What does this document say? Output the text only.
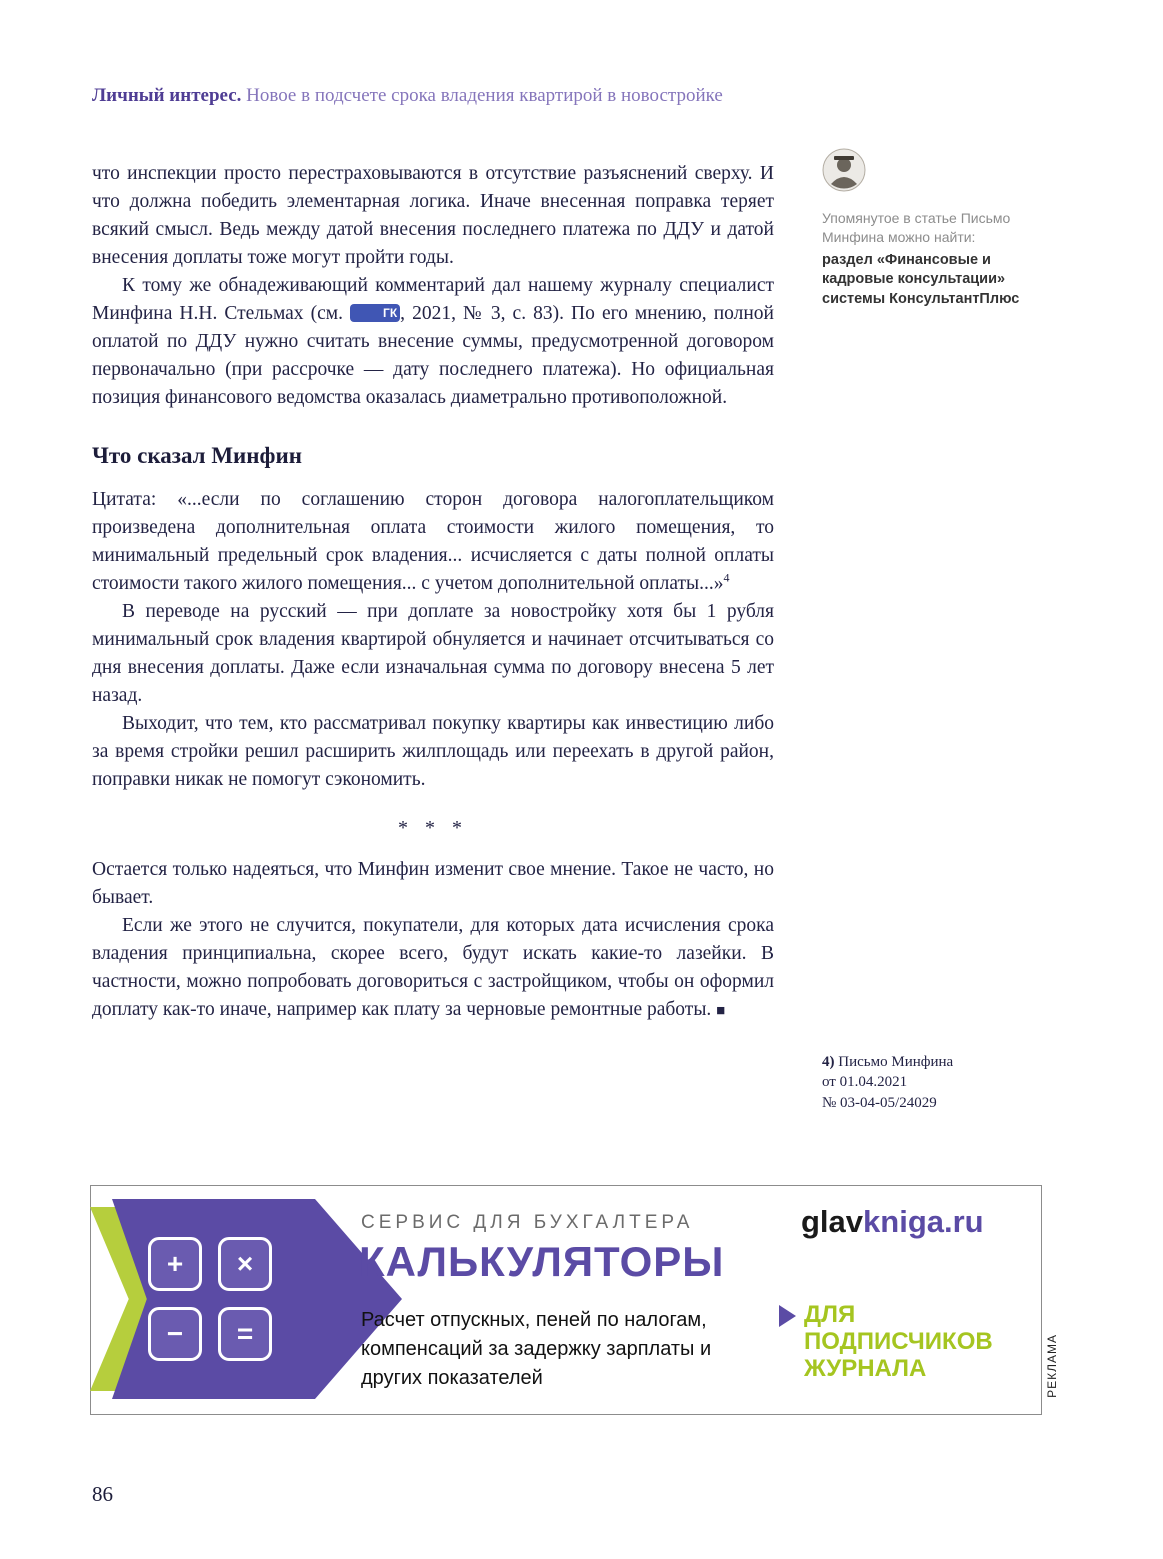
Личный интерес. Новое в подсчете срока владения квартирой в новостройке

что инспекции просто перестраховываются в отсутствие разъяснений сверху. И что должна победить элементарная логика. Иначе внесенная поправка теряет всякий смысл. Ведь между датой внесения последнего платежа по ДДУ и датой внесения доплаты тоже могут пройти годы.

К тому же обнадеживающий комментарий дал нашему журналу специалист Минфина Н.Н. Стельмах (см.	ГК , 2021, № 3, с. 83). По его мнению, полной оплатой по ДДУ нужно считать внесение суммы, предусмотренной договором первоначально (при рассрочке — дату последнего платежа). Но официальная позиция финансового ведомства оказалась диаметрально противоположной.

Что сказал Минфин

Цитата: «...если по соглашению сторон договора налогоплательщиком произведена дополнительная оплата стоимости жилого помещения, то минимальный предельный срок владения... исчисляется с даты полной оплаты стоимости такого жилого помещения... с учетом дополнительной оплаты...»$^4$

В переводе на русский — при доплате за новостройку хотя бы 1 рубля минимальный срок владения квартирой обнуляется и начинает отсчитываться со дня внесения доплаты. Даже если изначальная сумма по договору внесена 5 лет назад.

Выходит, что тем, кто рассматривал покупку квартиры как инвестицию либо за время стройки решил расширить жилплощадь или переехать в другой район, поправки никак не помогут сэкономить.

* * *

Остается только надеяться, что Минфин изменит свое мнение. Такое не часто, но бывает.

Если же этого не случится, покупатели, для которых дата исчисления срока владения принципиальна, скорее всего, будут искать какие-то лазейки. В частности, можно попробовать договориться с застройщиком, чтобы он оформил доплату как-то иначе, например как плату за черновые ремонтные работы. ■

Упомянутое в статье Письмо Минфина можно найти:
раздел «Финансовые и кадровые консультации» системы КонсультантПлюс
4) Письмо Минфина
от 01.04.2021
№ 03-04-05/24029
+	×
−	=
СЕРВИС ДЛЯ БУХГАЛТЕРА
КАЛЬКУЛЯТОРЫ
Расчет отпускных, пеней по налогам, компенсаций за задержку зарплаты и других показателей
glavkniga.ru
ДЛЯ
ПОДПИСЧИКОВ
ЖУРНАЛА	РЕКЛАМА
86
